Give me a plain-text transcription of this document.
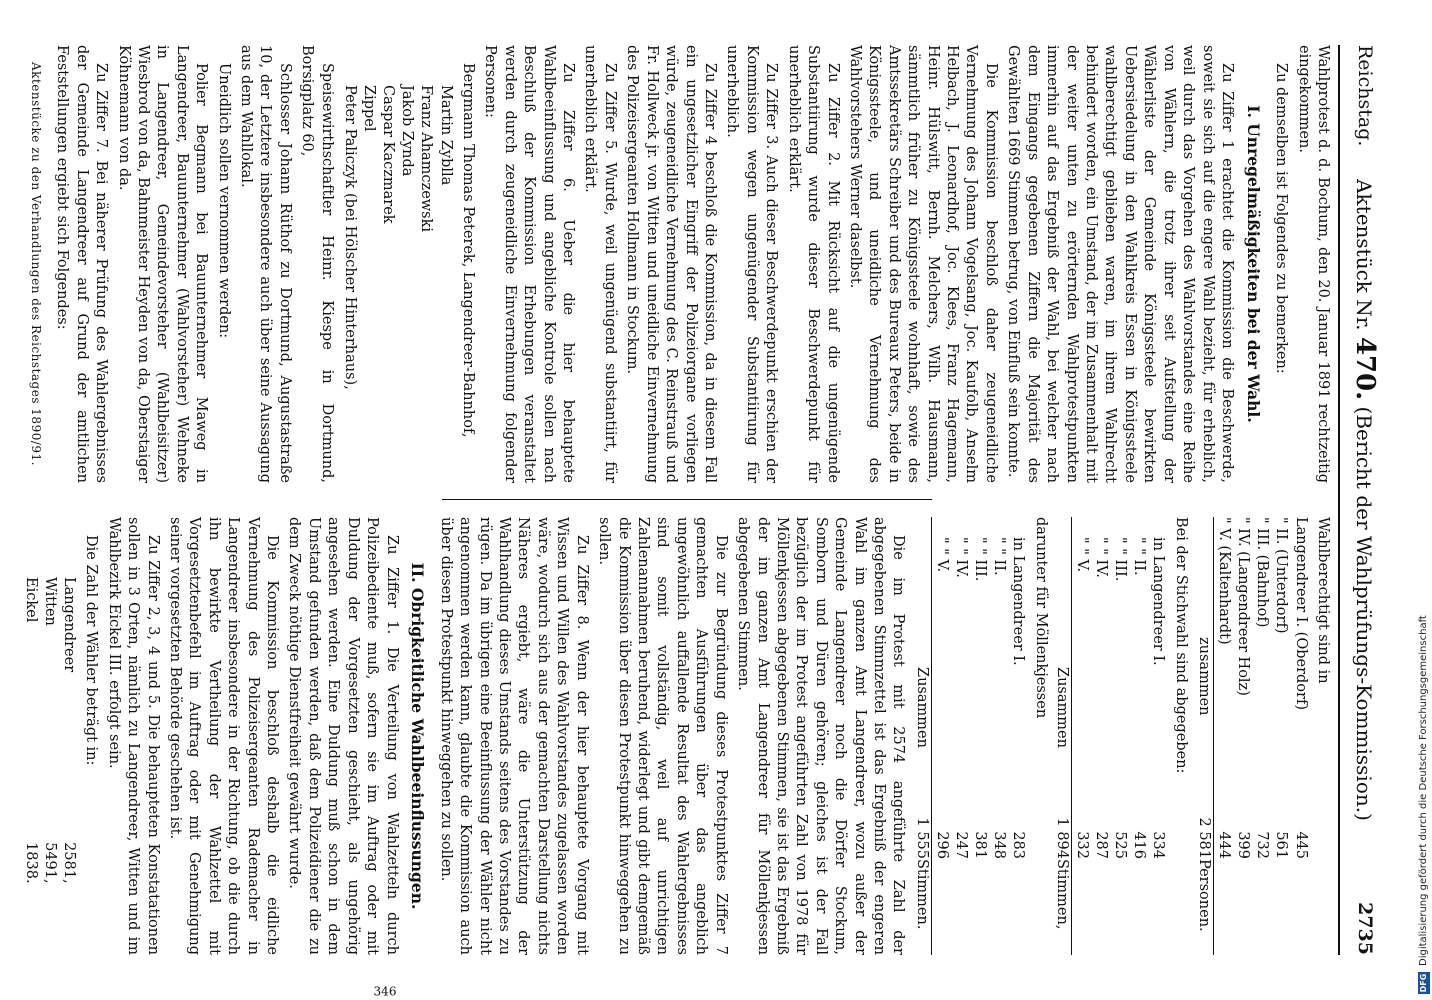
Reichstag.
Aktenstück Nr. 470. (Bericht der Wahlprüfungs-Kommission.)
2735

Wahlprotest d. d. Bochum, den 20. Januar 1891 rechtzeitig eingekommen.

Zu demselben ist Folgendes zu bemerken:

I. Unregelmäßigkeiten bei der Wahl.

Zu Ziffer 1 erachtet die Kommission die Beschwerde, soweit sie sich auf die engere Wahl bezieht, für erheblich, weil durch das Vorgehen des Wahlvorstandes eine Reihe von Wählern, die trotz ihrer seit Aufstellung der Wählerliste der Gemeinde Königssteele bewirkten Uebersiedelung in den Wahlkreis Essen in Königssteele wahlberechtigt geblieben waren, im ihrem Wahlrecht behindert worden, ein Umstand, der im Zusammenhalt mit der weiter unten zu erörternden Wahlprotestpunkten immerhin auf das Ergebniß der Wahl, bei welcher nach dem Eingangs gegebenen Ziffern die Majorität des Gewählten 1669 Stimmen betrug, von Einfluß sein konnte.

Die Kommission beschloß daher zeugeneidliche Vernehmung des Johann Vogelsang, Joc. Kaufolb, Anselm Helbach, J. Leonardhof, Joc. Klees, Franz Hagemann, Heinr. Hülswitt, Bernh. Melchers, Wilh. Hausmann, sämmtlich früher zu Königssteele wohnhaft, sowie des Amtssekretärs Schreiber und des Bureaux Peters, beide in Königssteele, und uneidliche Vernehmung des Wahlvorstehers Werner daselbst.

Zu Ziffer 2. Mit Rücksicht auf die ungenügende Substantiirung wurde dieser Beschwerdepunkt für unerheblich erklärt.

Zu Ziffer 3. Auch dieser Beschwerdepunkt erschien der Kommission wegen ungenügender Substantiirung für unerheblich.

Zu Ziffer 4 beschloß die Kommission, da in diesem Fall ein ungesetzlicher Eingriff der Polizeiorgane vorliegen würde, zeugeneidliche Vernehmung des C. Reinstrauß und Fr. Hollweck jr. von Witten und uneidliche Einvernehmung des Polizeisergeanten Hollmann in Stockum.

Zu Ziffer 5. Wurde, weil ungenügend substantiirt, für unerheblich erklärt.

Zu Ziffer 6. Ueber die hier behauptete Wahlbeeinflussung und angebliche Kontrole sollen nach Beschluß der Kommission Erhebungen veranstaltet werden durch zeugeneidliche Einvernehmung folgender Personen:

Bergmann Thomas Peterek, Langendreer-Bahnhof,

Martin Zyblla
Franz Ahamczewski
Jakob Zynda
Caspar Kaczmarek
Zippel
Peter Paliczyk (bei Hölscher Hinterhaus),

Speisewirthschaftler Heinr. Kiespe in Dortmund, Borsigplatz 60,

Schlosser Johann Rüthof zu Dortmund, Augustastraße 10, der Letztere insbesondere auch über seine Aussagung aus dem Wahllokal.

Uneidlich sollen vernommen werden:

Polier Begmann bei Bauunternehmer Maweg in Langendreer, Bauunternehmer (Wahlvorsteher) Wehneke in Langendreer, Gemeindevorsteher (Wahlbeisitzer) Wiesbrod von da, Bahnmeister Heyden von da, Oberstaiger Köhnemann von da.

Zu Ziffer 7. Bei näherer Prüfung des Wahlergebnisses der Gemeinde Langendreer auf Grund der amtlichen Feststellungen ergiebt sich Folgendes:

Aktenstücke zu den Verhandlungen des Reichstages 1890/91.

Wahlberechtigt sind in

Langendreer I. (Oberdorf)	445	
" II. (Unterdorf)	561	
" III. (Bahnhof)	732	
" IV. (Langendreer Holz)	399	
" V. (Kaltenhardt)	444	
zusammen	2 581	Personen.

Bei der Stichwahl sind abgegeben:

in Langendreer I.	334	
" " II.	416	
" " III.	525	
" " IV.	287	
" " V.	332	
Zusammen	1 894	Stimmen,

darunter für Möllenkjessen

in Langendreer I.	283	
" " II.	348	
" " III.	381	
" " IV.	247	
" " V.	296	
Zusammen	1 555	Stimmen.

Die im Protest mit 2574 angeführte Zahl der abgegebenen Stimmzettel ist das Ergebniß der engeren Wahl im ganzen Amt Langendreer, wozu außer der Gemeinde Langendreer noch die Dörfer Stockum, Somborn und Düren gehören; gleiches ist der Fall bezüglich der im Protest angeführten Zahl von 1978 für Möllenkjessen abgegebenen Stimmen, sie ist das Ergebniß der im ganzen Amt Langendreer für Möllenkjessen abgegebenen Stimmen.

Die zur Begründung dieses Protestpunktes Ziffer 7 gemachten Ausführungen über das angeblich ungewöhnlich auffallende Resultat des Wahlergebnisses sind somit vollständig, weil auf unrichtigen Zahlenannahmen beruhend, widerlegt und gibt demgemäß die Kommission über diesen Protestpunkt hinweggehen zu sollen.

Zu Ziffer 8. Wenn der hier behauptete Vorgang mit Wissen und Willen des Wahlvorstandes zugelassen worden wäre, wodurch sich aus der gemachten Darstellung nichts Näheres ergiebt, wäre die Unterstützung der Wahlhandlung dieses Umstands seitens des Vorstandes zu rügen. Da im übrigen eine Beeinflussung der Wähler nicht angenommen werden kann, glaubte die Kommission auch über diesen Protestpunkt hinweggehen zu sollen.

II. Obrigkeitliche Wahlbeeinflussungen.

Zu Ziffer 1. Die Verteilung von Wahlzetteln durch Polizeibediente muß, sofern sie im Auftrag oder mit Duldung der Vorgesetzten geschieht, als ungehörig angesehen werden. Eine Duldung muß schon in dem Umstand gefunden werden, daß dem Polizeidiener die zu dem Zweck nöthige Dienstfreiheit gewährt wurde.

Die Kommission beschloß deshalb die eidliche Vernehmung des Polizeisergeanten Rademacher in Langendreer insbesondere in der Richtung, ob die durch ihn bewirkte Vertheilung der Wahlzettel mit Vorgesetztenbefehl im Auftrag oder mit Genehmigung seiner vorgesetzten Behörde geschehen ist.

Zu Ziffer 2, 3, 4 und 5. Die behaupteten Konstatationen sollen in 3 Orten, nämlich zu Langendreer, Witten und im Wahlbezirk Eickel III. erfolgt sein.

Die Zahl der Wähler beträgt in:

Langendreer	2581,
Witten	5491,
Eickel	1838.
346	DFGDigitalisierung gefördert durch die Deutsche Forschungsgemeinschaft
